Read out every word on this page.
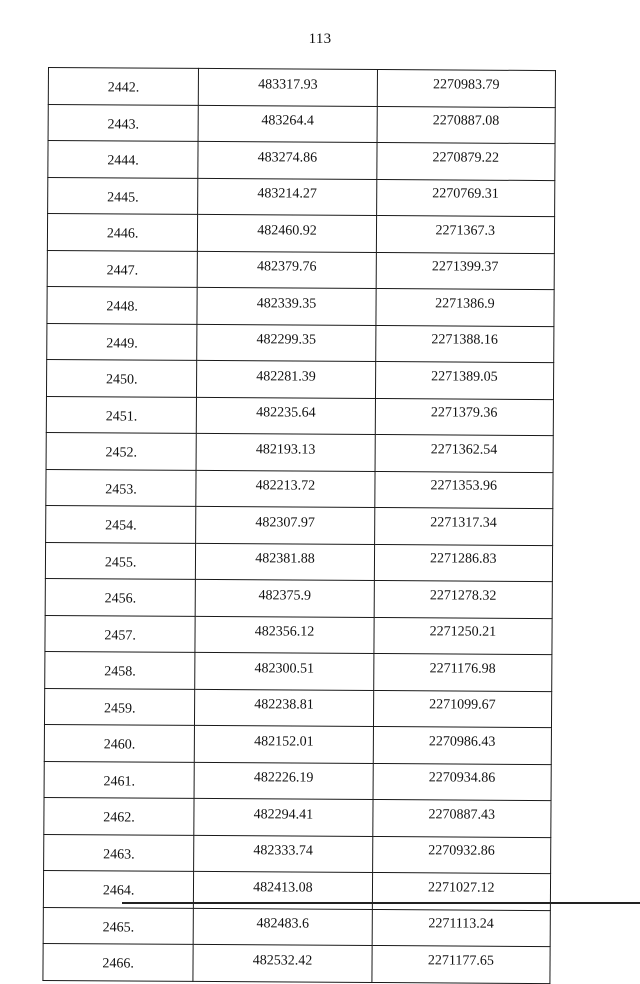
113
2442.	483317.93	2270983.79
2443.	483264.4	2270887.08
2444.	483274.86	2270879.22
2445.	483214.27	2270769.31
2446.	482460.92	2271367.3
2447.	482379.76	2271399.37
2448.	482339.35	2271386.9
2449.	482299.35	2271388.16
2450.	482281.39	2271389.05
2451.	482235.64	2271379.36
2452.	482193.13	2271362.54
2453.	482213.72	2271353.96
2454.	482307.97	2271317.34
2455.	482381.88	2271286.83
2456.	482375.9	2271278.32
2457.	482356.12	2271250.21
2458.	482300.51	2271176.98
2459.	482238.81	2271099.67
2460.	482152.01	2270986.43
2461.	482226.19	2270934.86
2462.	482294.41	2270887.43
2463.	482333.74	2270932.86
2464.	482413.08	2271027.12
2465.	482483.6	2271113.24
2466.	482532.42	2271177.65
